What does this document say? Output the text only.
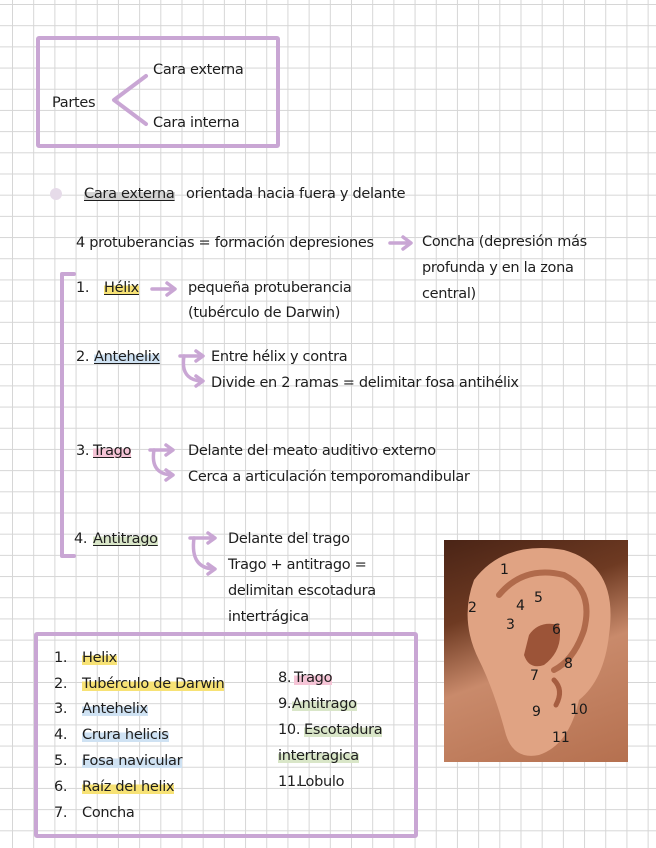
Partes
Cara externa
Cara interna
Cara externa orientada hacia fuera y delante
4 protuberancias = formación depresiones	Concha (depresión más
profunda y en la zona
central)
1. Hélix	pequeña protuberancia
(tubérculo de Darwin)
2. Antehelix	Entre hélix y contra
Divide en 2 ramas = delimitar fosa antihélix
3. Trago	Delante del meato auditivo externo
Cerca a articulación temporomandibular
4. Antitrago	Delante del trago
Trago + antitrago =
delimitan escotadura
intertrágica
1
2	4 5
3	6
7
8
9 10
11
1. Helix
2. Tubérculo de Darwin
3. Antehelix
4. Crura helicis
5. Fosa navicular
6. Raíz del helix
7. Concha
8. Trago
9. Antitrago
10. Escotadura
intertragica
11.
Lobulo
